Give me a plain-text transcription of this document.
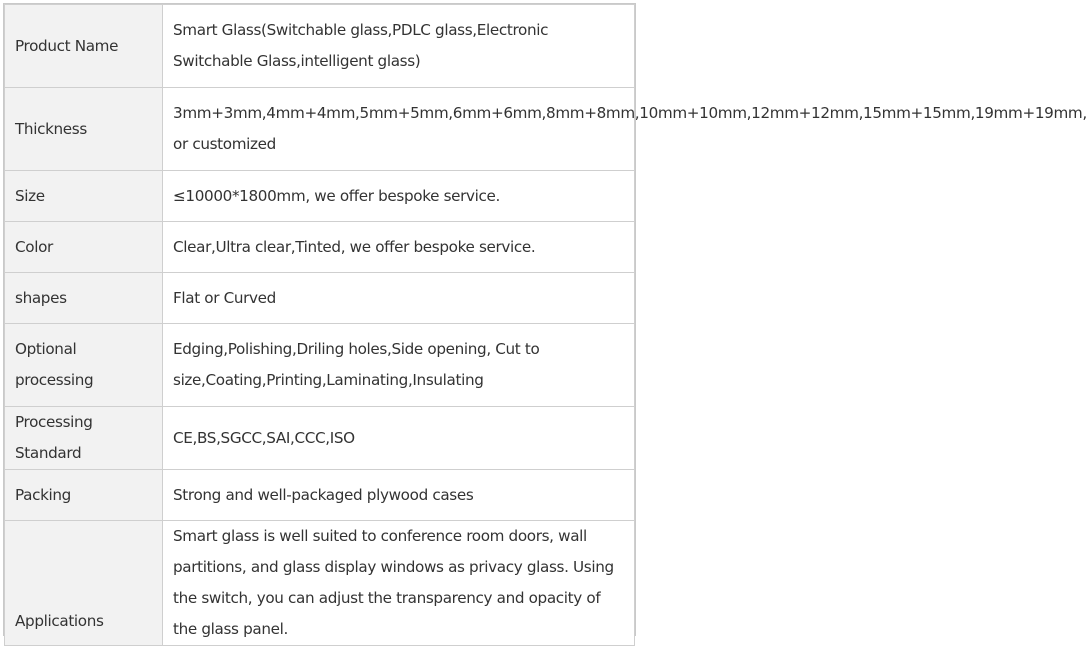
Product Name	Smart Glass(Switchable glass,PDLC glass,Electronic Switchable Glass,intelligent glass)
Thickness	3mm+3mm,4mm+4mm,5mm+5mm,6mm+6mm,8mm+8mm,10mm+10mm,12mm+12mm,15mm+15mm,19mm+19mm, or customized
Size	≤10000*1800mm, we offer bespoke service.
Color	Clear,Ultra clear,Tinted, we offer bespoke service.
shapes	Flat or Curved
Optional processing	Edging,Polishing,Driling holes,Side opening, Cut to size,Coating,Printing,Laminating,Insulating
Processing Standard	CE,BS,SGCC,SAI,CCC,ISO
Packing	Strong and well-packaged plywood cases
Applications	Smart glass is well suited to conference room doors, wall partitions, and glass display windows as privacy glass. Using the switch, you can adjust the transparency and opacity of the glass panel.
